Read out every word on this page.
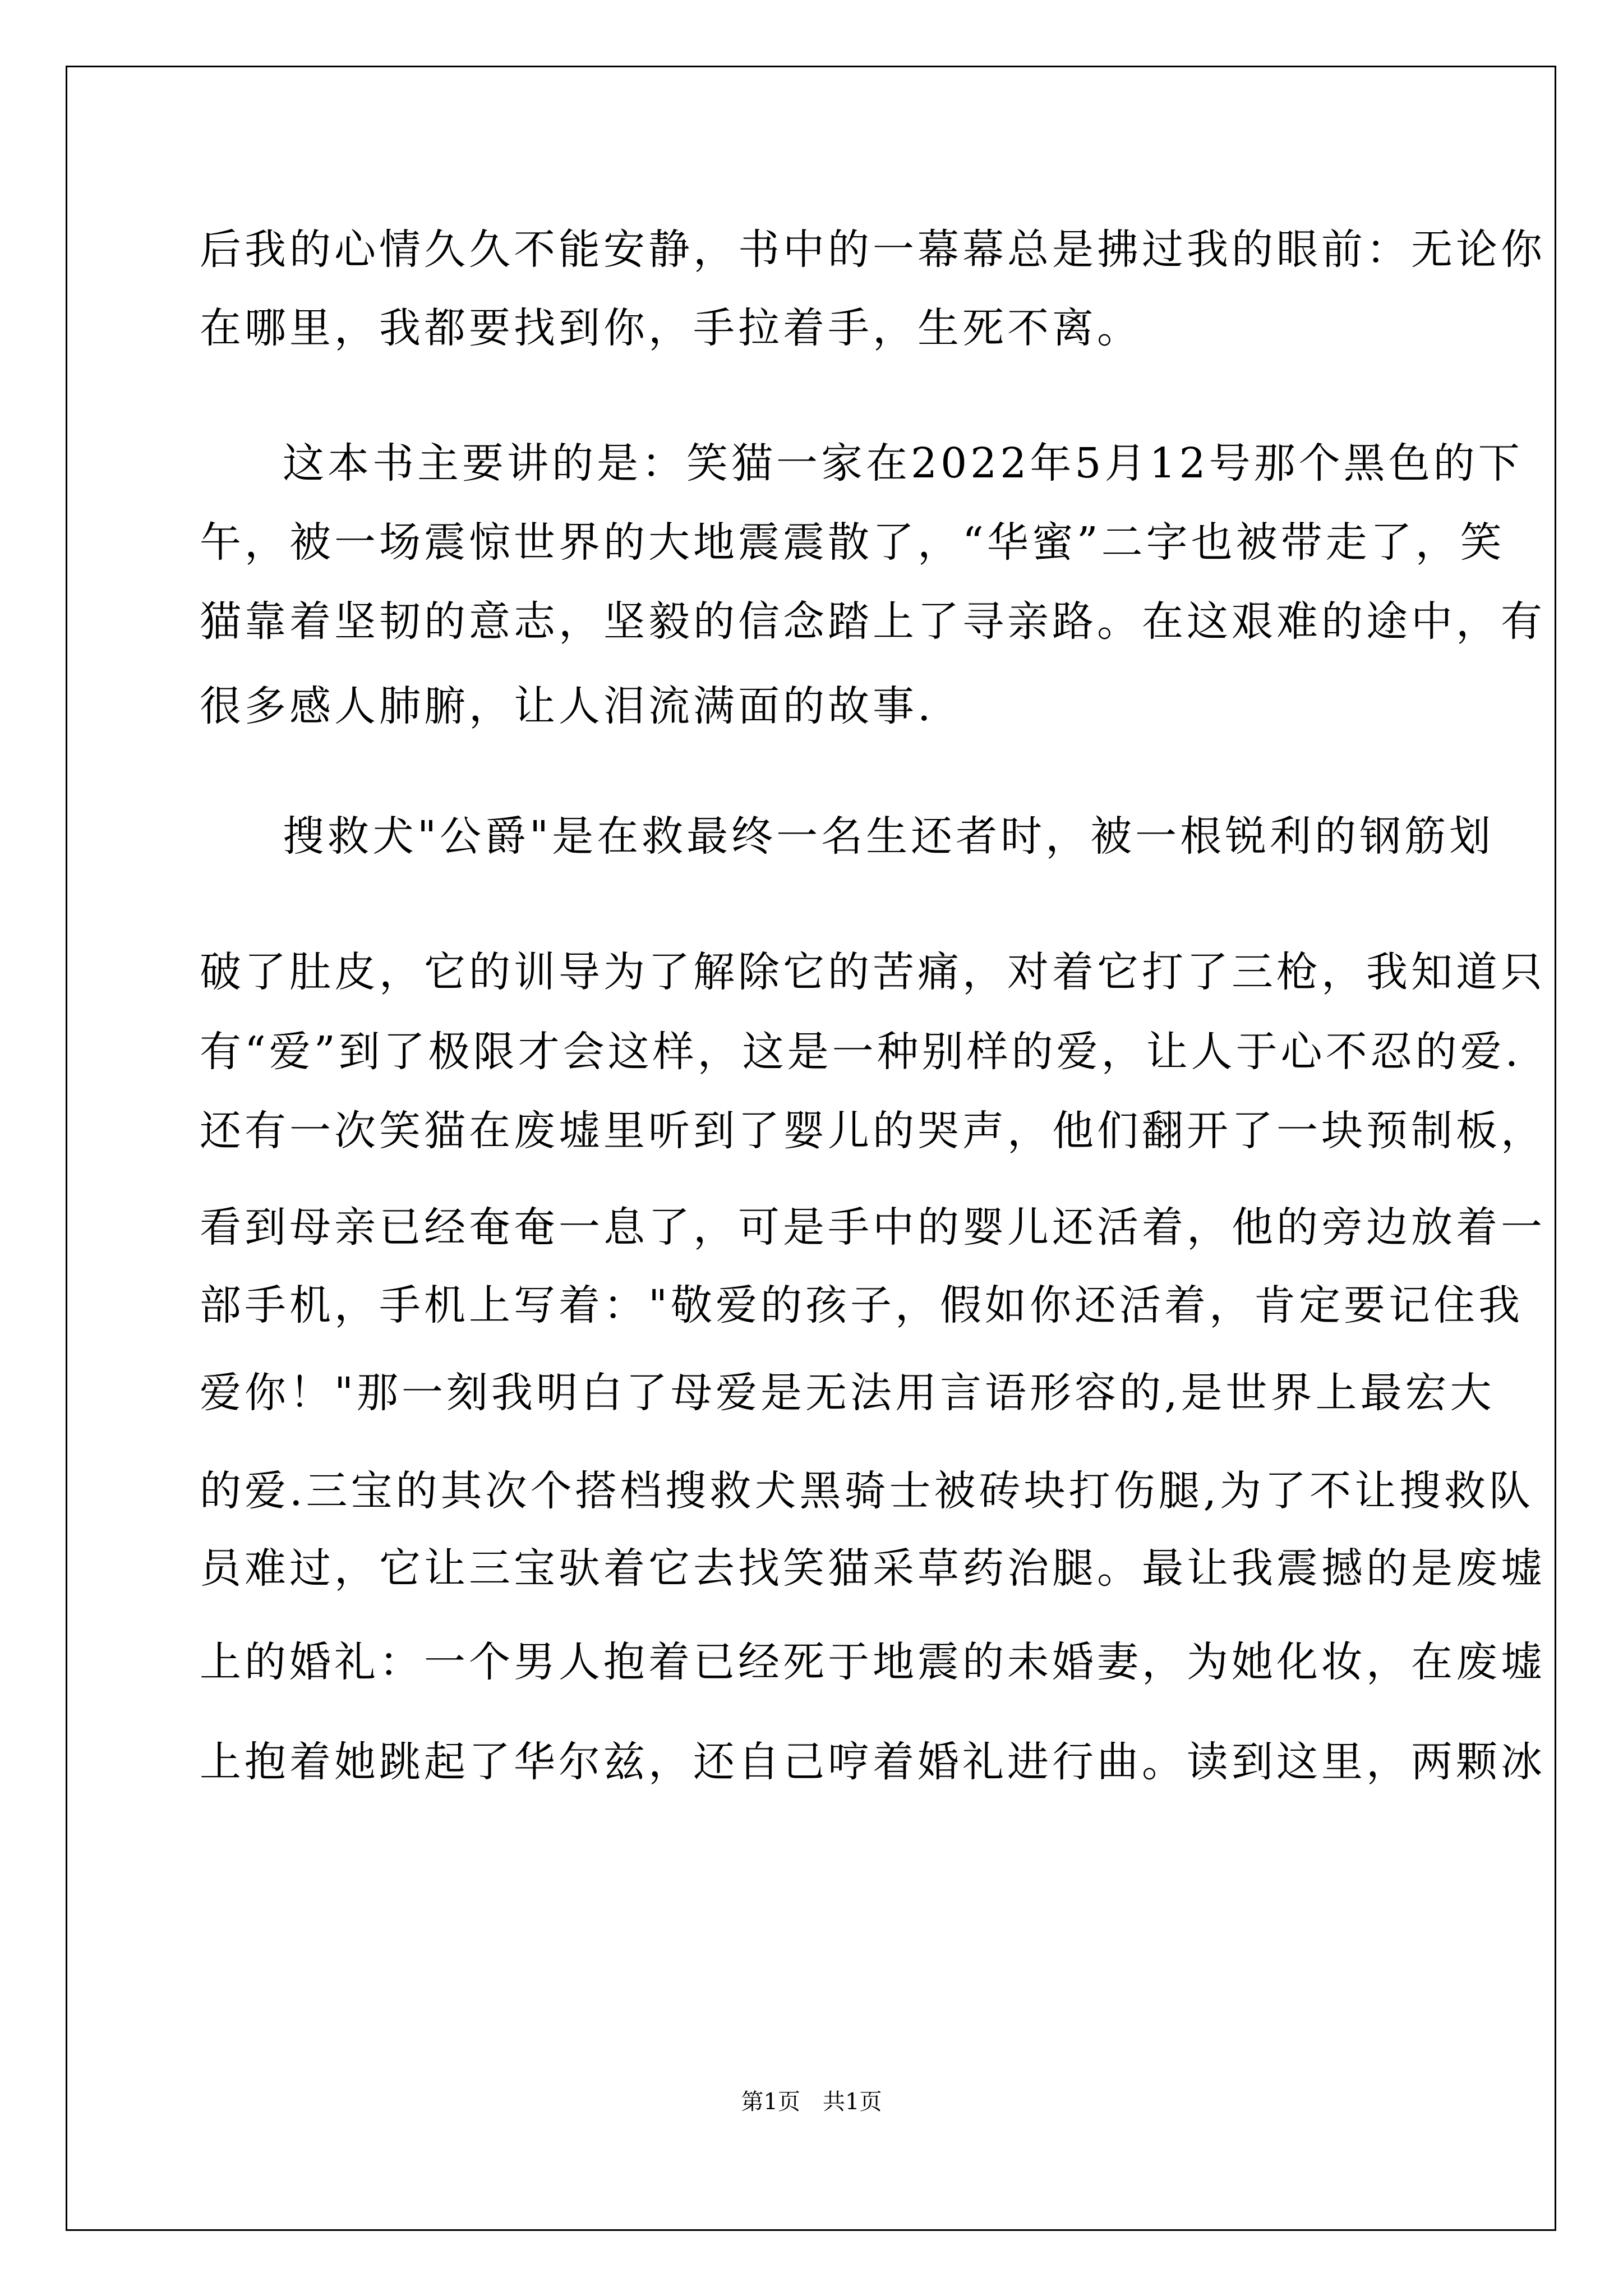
后我的心情久久不能安静，书中的一幕幕总是拂过我的眼前：无论你
在哪里，我都要找到你，手拉着手，生死不离。
这本书主要讲的是：笑猫一家在2022年5月12号那个黑色的下
午，被一场震惊世界的大地震震散了，“华蜜”二字也被带走了，笑
猫靠着坚韧的意志，坚毅的信念踏上了寻亲路。在这艰难的途中，有
很多感人肺腑，让人泪流满面的故事.
搜救犬"公爵"是在救最终一名生还者时，被一根锐利的钢筋划
破了肚皮，它的训导为了解除它的苦痛，对着它打了三枪，我知道只
有“爱”到了极限才会这样，这是一种别样的爱，让人于心不忍的爱.
还有一次笑猫在废墟里听到了婴儿的哭声，他们翻开了一块预制板，
看到母亲已经奄奄一息了，可是手中的婴儿还活着，他的旁边放着一
部手机，手机上写着："敬爱的孩子，假如你还活着，肯定要记住我
爱你！"那一刻我明白了母爱是无法用言语形容的,是世界上最宏大
的爱.三宝的其次个搭档搜救犬黑骑士被砖块打伤腿,为了不让搜救队
员难过，它让三宝驮着它去找笑猫采草药治腿。最让我震撼的是废墟
上的婚礼：一个男人抱着已经死于地震的未婚妻，为她化妆，在废墟
上抱着她跳起了华尔兹，还自己哼着婚礼进行曲。读到这里，两颗冰
第1页 共1页
